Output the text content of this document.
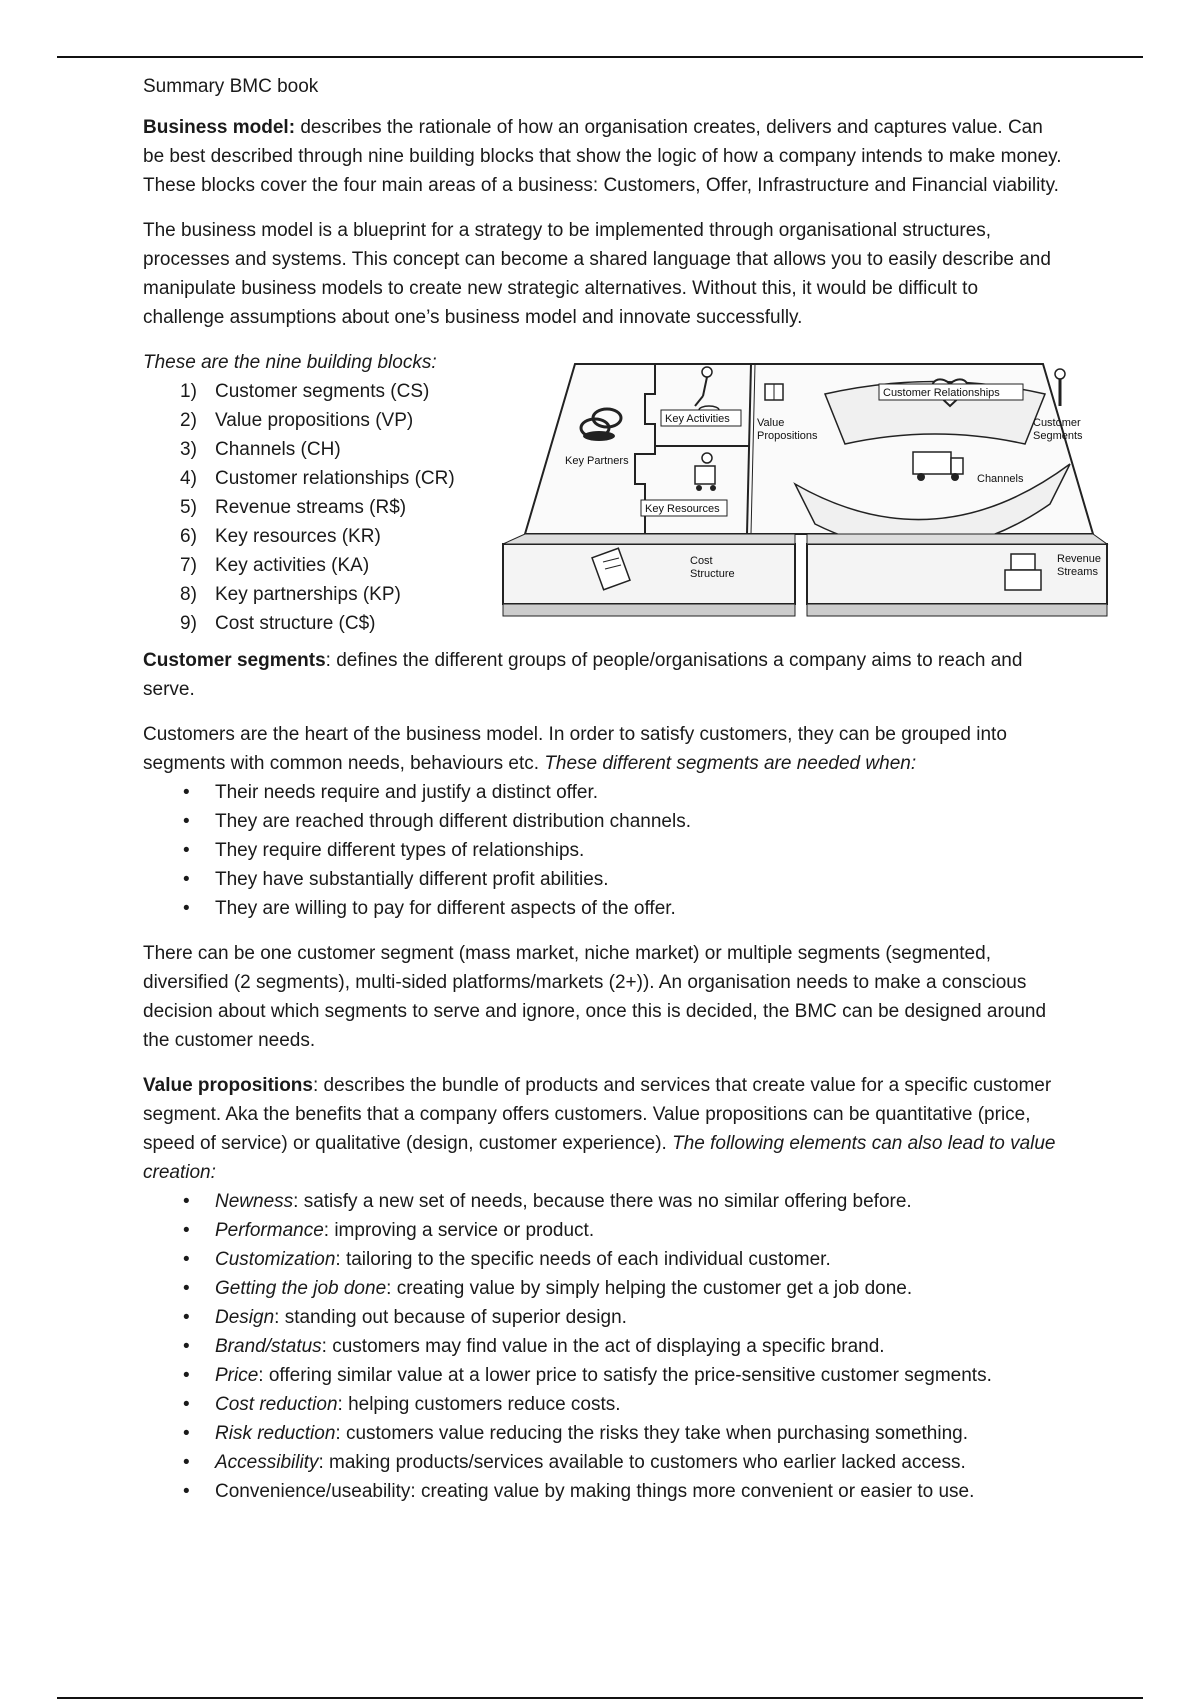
Summary BMC book

Business model: describes the rationale of how an organisation creates, delivers and captures value. Can be best described through nine building blocks that show the logic of how a company intends to make money. These blocks cover the four main areas of a business: Customers, Offer, Infrastructure and Financial viability.

The business model is a blueprint for a strategy to be implemented through organisational structures, processes and systems. This concept can become a shared language that allows you to easily describe and manipulate business models to create new strategic alternatives. Without this, it would be difficult to challenge assumptions about one’s business model and innovate successfully.

These are the nine building blocks:
1) Customer segments (CS)
2) Value propositions (VP)
3) Channels (CH)
4) Customer relationships (CR)
5) Revenue streams (R$)
6) Key resources (KR)
7) Key activities (KA)
8) Key partnerships (KP)
9) Cost structure (C$)
Key Partners
Key Activities
Key Resources
Value
Propositions
Customer Relationships
Customer
Segments
Channels
Cost
Structure
Revenue
Streams

Customer segments: defines the different groups of people/organisations a company aims to reach and serve.

Customers are the heart of the business model. In order to satisfy customers, they can be grouped into segments with common needs, behaviours etc. These different segments are needed when:
• Their needs require and justify a distinct offer.
• They are reached through different distribution channels.
• They require different types of relationships.
• They have substantially different profit abilities.
• They are willing to pay for different aspects of the offer.

There can be one customer segment (mass market, niche market) or multiple segments (segmented, diversified (2 segments), multi-sided platforms/markets (2+)). An organisation needs to make a conscious decision about which segments to serve and ignore, once this is decided, the BMC can be designed around the customer needs.

Value propositions: describes the bundle of products and services that create value for a specific customer segment. Aka the benefits that a company offers customers. Value propositions can be quantitative (price, speed of service) or qualitative (design, customer experience). The following elements can also lead to value creation:
• Newness: satisfy a new set of needs, because there was no similar offering before.
• Performance: improving a service or product.
• Customization: tailoring to the specific needs of each individual customer.
• Getting the job done: creating value by simply helping the customer get a job done.
• Design: standing out because of superior design.
• Brand/status: customers may find value in the act of displaying a specific brand.
• Price: offering similar value at a lower price to satisfy the price-sensitive customer segments.
• Cost reduction: helping customers reduce costs.
• Risk reduction: customers value reducing the risks they take when purchasing something.
• Accessibility: making products/services available to customers who earlier lacked access.
• Convenience/useability: creating value by making things more convenient or easier to use.
